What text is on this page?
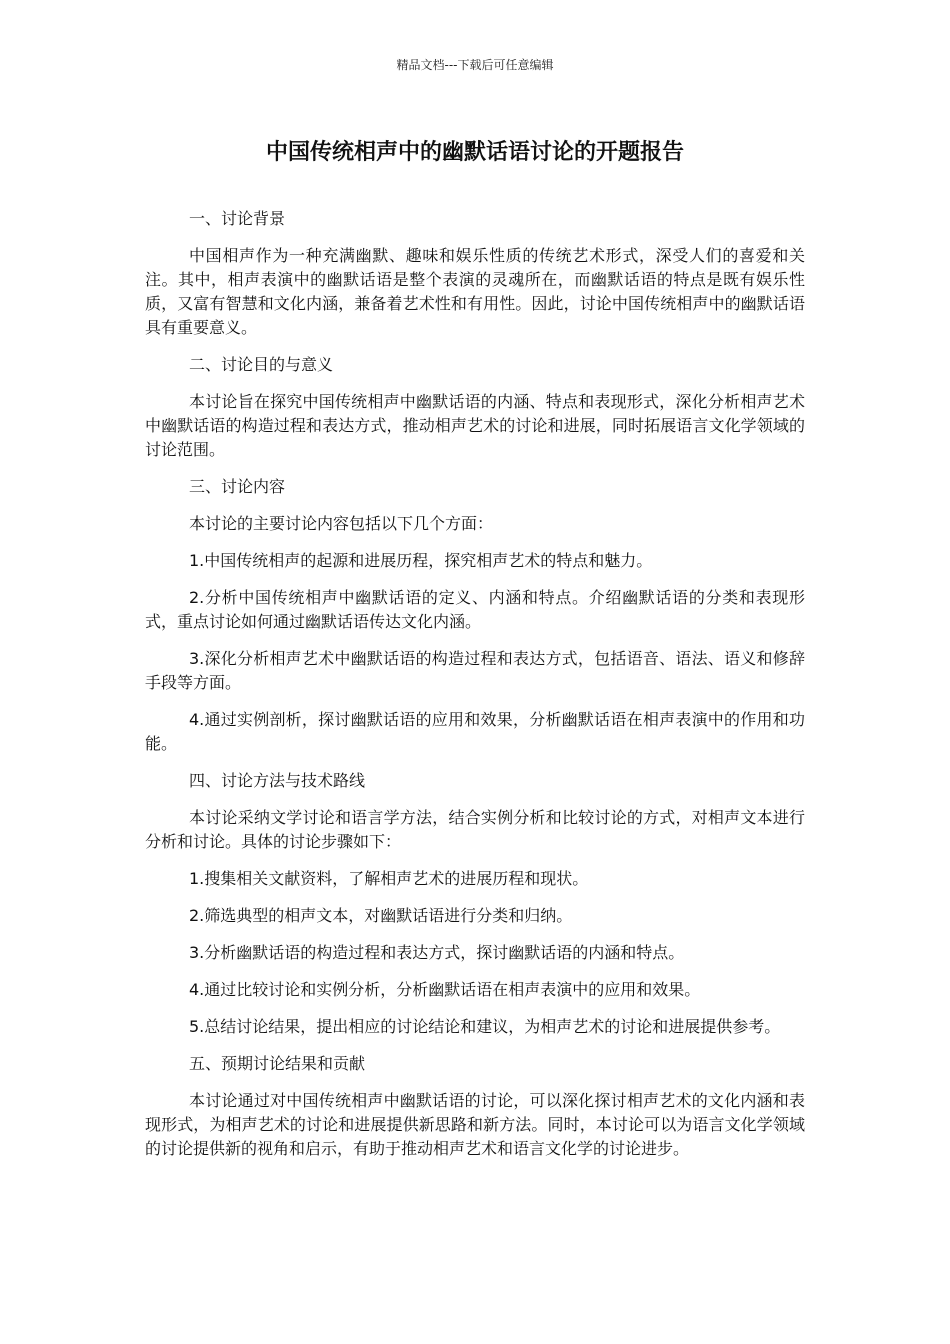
精品文档---下载后可任意编辑
中国传统相声中的幽默话语讨论的开题报告

一、讨论背景

中国相声作为一种充满幽默、趣味和娱乐性质的传统艺术形式，深受人们的喜爱和关注。其中，相声表演中的幽默话语是整个表演的灵魂所在，而幽默话语的特点是既有娱乐性质，又富有智慧和文化内涵，兼备着艺术性和有用性。因此，讨论中国传统相声中的幽默话语具有重要意义。

二、讨论目的与意义

本讨论旨在探究中国传统相声中幽默话语的内涵、特点和表现形式，深化分析相声艺术中幽默话语的构造过程和表达方式，推动相声艺术的讨论和进展，同时拓展语言文化学领域的讨论范围。

三、讨论内容

本讨论的主要讨论内容包括以下几个方面：

1.中国传统相声的起源和进展历程，探究相声艺术的特点和魅力。

2.分析中国传统相声中幽默话语的定义、内涵和特点。介绍幽默话语的分类和表现形式，重点讨论如何通过幽默话语传达文化内涵。

3.深化分析相声艺术中幽默话语的构造过程和表达方式，包括语音、语法、语义和修辞手段等方面。

4.通过实例剖析，探讨幽默话语的应用和效果，分析幽默话语在相声表演中的作用和功能。

四、讨论方法与技术路线

本讨论采纳文学讨论和语言学方法，结合实例分析和比较讨论的方式，对相声文本进行分析和讨论。具体的讨论步骤如下：

1.搜集相关文献资料，了解相声艺术的进展历程和现状。

2.筛选典型的相声文本，对幽默话语进行分类和归纳。

3.分析幽默话语的构造过程和表达方式，探讨幽默话语的内涵和特点。

4.通过比较讨论和实例分析，分析幽默话语在相声表演中的应用和效果。

5.总结讨论结果，提出相应的讨论结论和建议，为相声艺术的讨论和进展提供参考。

五、预期讨论结果和贡献

本讨论通过对中国传统相声中幽默话语的讨论，可以深化探讨相声艺术的文化内涵和表现形式，为相声艺术的讨论和进展提供新思路和新方法。同时，本讨论可以为语言文化学领域的讨论提供新的视角和启示，有助于推动相声艺术和语言文化学的讨论进步。
